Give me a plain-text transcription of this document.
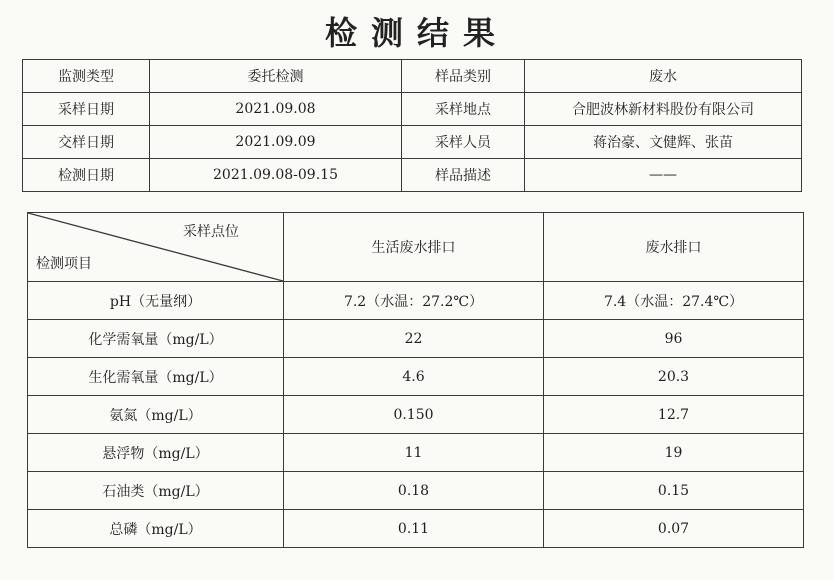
检测结果
监测类型	委托检测	样品类别	废水
采样日期	2021.09.08	采样地点	合肥波林新材料股份有限公司
交样日期	2021.09.09	采样人员	蒋治豪、文健辉、张苗
检测日期	2021.09.08-09.15	样品描述	——
采样点位
检测项目	生活废水排口	废水排口
pH（无量纲）	7.2（水温：27.2℃）	7.4（水温：27.4℃）
化学需氧量（mg/L）	22	96
生化需氧量（mg/L）	4.6	20.3
氨氮（mg/L）	0.150	12.7
悬浮物（mg/L）	11	19
石油类（mg/L）	0.18	0.15
总磷（mg/L）	0.11	0.07
